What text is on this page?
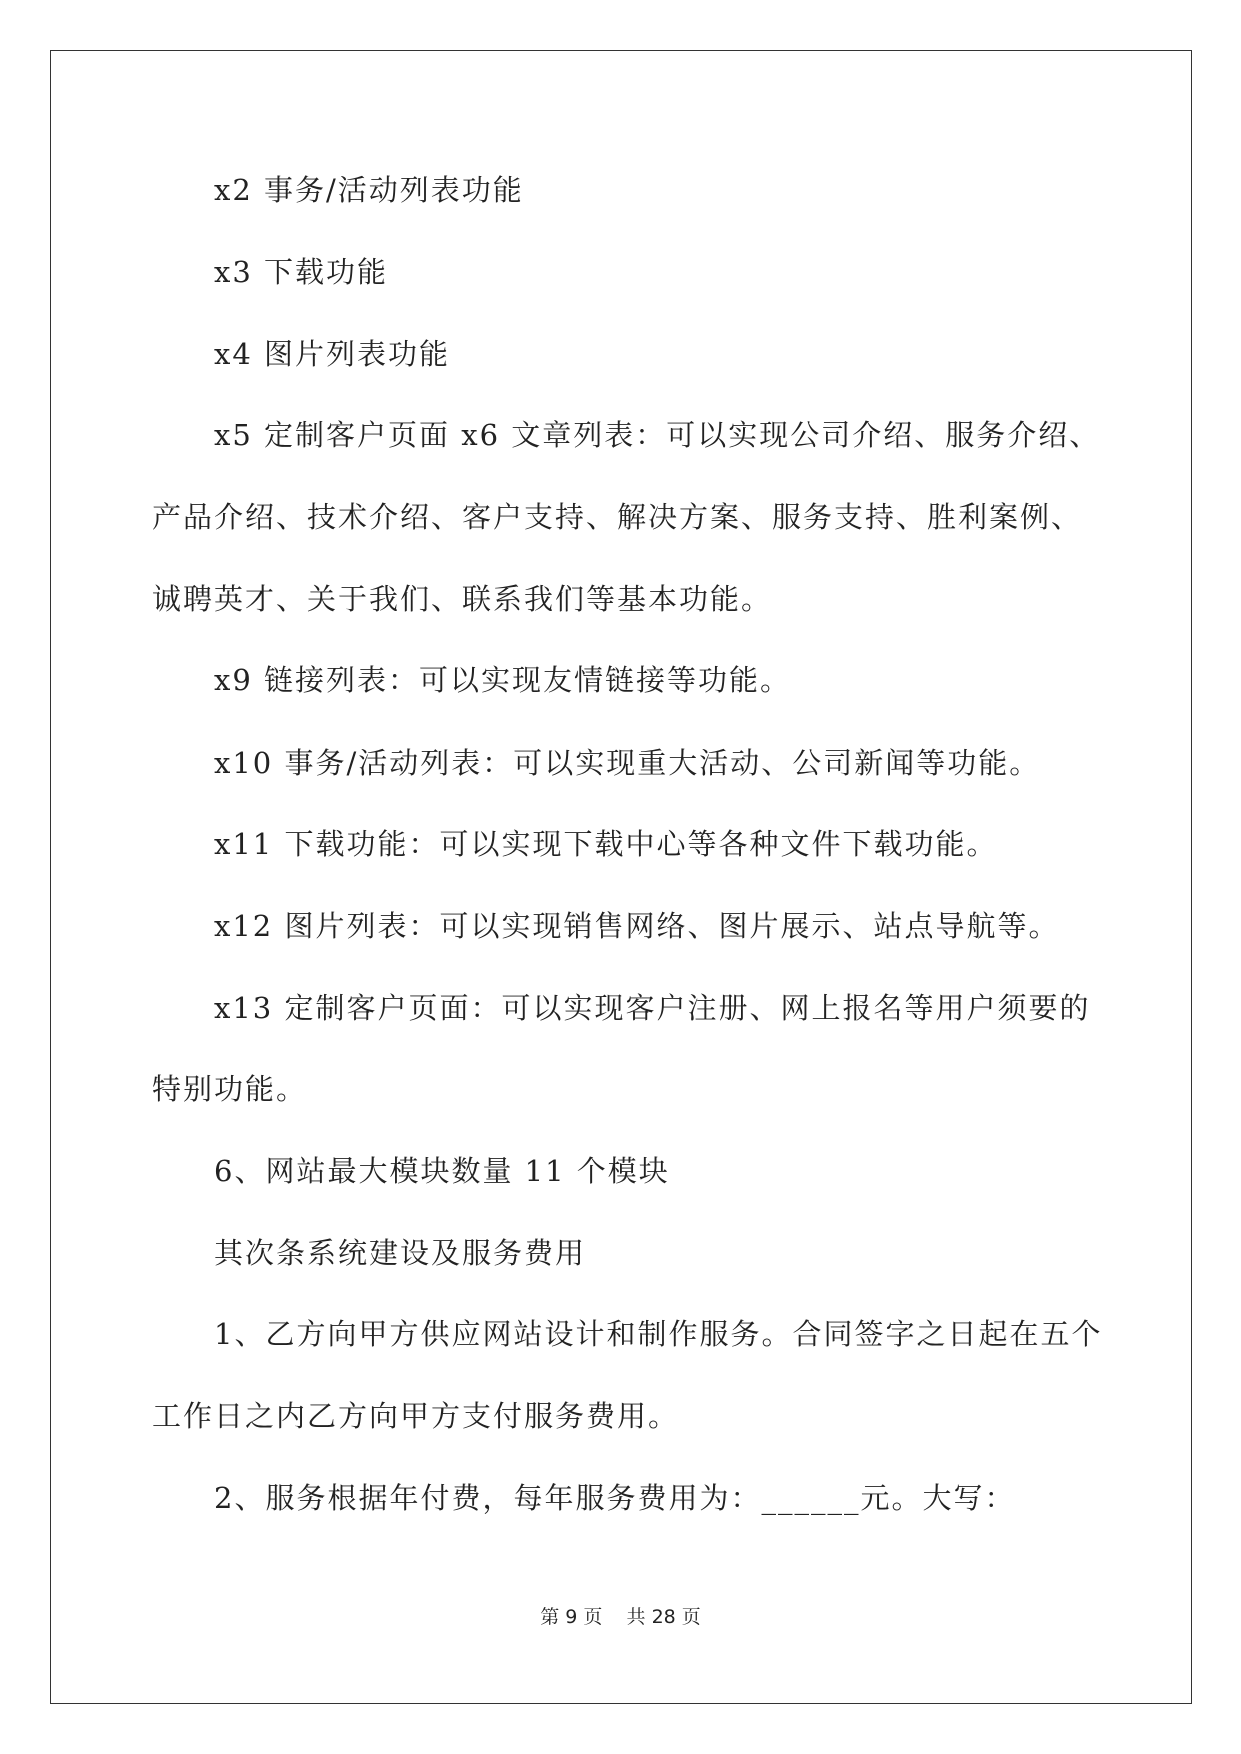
x2 事务/活动列表功能
x3 下载功能
x4 图片列表功能
x5 定制客户页面 x6 文章列表：可以实现公司介绍、服务介绍、
产品介绍、技术介绍、客户支持、解决方案、服务支持、胜利案例、
诚聘英才、关于我们、联系我们等基本功能。
x9 链接列表：可以实现友情链接等功能。
x10 事务/活动列表：可以实现重大活动、公司新闻等功能。
x11 下载功能：可以实现下载中心等各种文件下载功能。
x12 图片列表：可以实现销售网络、图片展示、站点导航等。
x13 定制客户页面：可以实现客户注册、网上报名等用户须要的
特别功能。
6、网站最大模块数量 11 个模块
其次条系统建设及服务费用
1、乙方向甲方供应网站设计和制作服务。合同签字之日起在五个
工作日之内乙方向甲方支付服务费用。
2、服务根据年付费，每年服务费用为：______元。大写：
第 9 页 共 28 页
